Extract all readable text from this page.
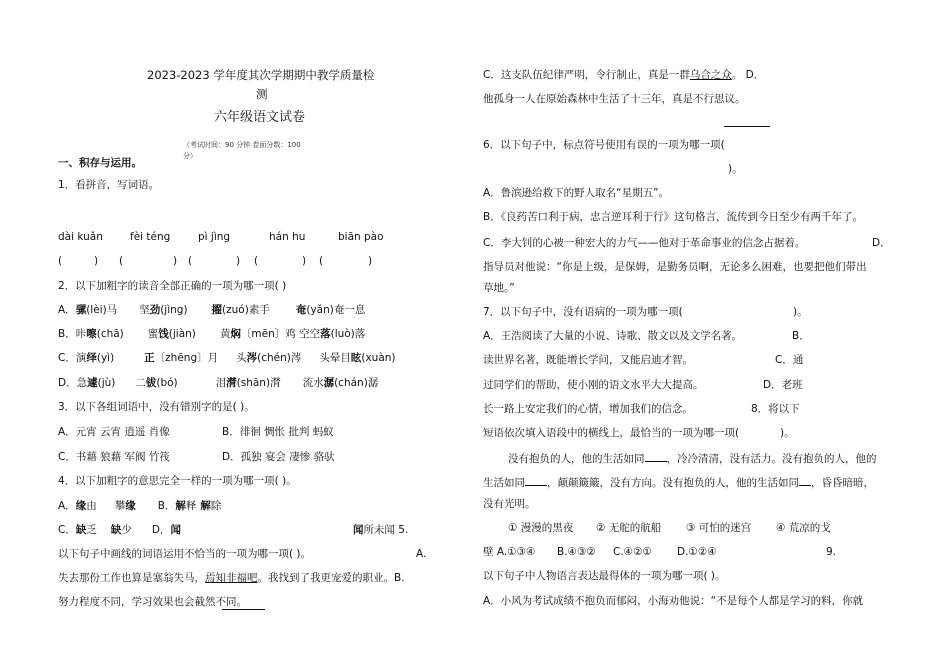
2023-2023 学年度其次学期期中教学质量检
测
六年级语文试卷
（考试时间：90 分钟 卷面分数：100
分）
一、积存与运用。
1．看拼音，写词语。
dài kuǎn	fèi téng	pì jìng	hán hu	biān pào
(	) (	) (	) (	) (	)
2．以下加粗字的读音全部正确的一项为哪一项( )
A．骡(lèi)马 坚劲(jìng) 擢(zuó)素手 奄(yǎn)奄一息
B．咔嚓(chā) 蜜饯(jiàn) 黄焖〔mēn〕鸡 空空落(luò)落
C．演绎(yì)	正〔zhēng〕月 头涔(chén)涔 头晕目眩(xuàn)
D．急遽(jù) 二钹(bó)	泪潸(shān)潸 流水潺(chán)潺
3．以下各组词语中，没有错别字的是( )。
A．元宵 云宵 逍遥 肖像	B．徘徊 惆怅 批判 蚂蚁
C．书藉 狼藉 军阀 竹筏	D．孤独 宴会 凄惨 骆驮
4．以下加粗字的意思完全一样的一项为哪一项( )。
A．缘由 攀缘 B．解释 解除
C．缺乏 缺少 D．闻	闻所未闻 5.
以下句子中画线的词语运用不恰当的一项为哪一项( )。	A.
失去那份工作也算是塞翁失马，焉知非福吧。我找到了我更宠爱的职业。B.
努力程度不同，学习效果也会截然不同。
C．这支队伍纪律严明，令行制止，真是一群乌合之众。 D．
他孤身一人在原始森林中生活了十三年，真是不行思议。
6．以下句子中，标点符号使用有误的一项为哪一项(
)。
A．鲁滨逊给救下的野人取名“星期五”。
B．《良药苦口利于病，忠言逆耳利于行》这句格言，流传到今日至少有两千年了。
C．李大钊的心被一种宏大的力气——他对于革命事业的信念占据着。	D．
指导员对他说：“你是上级，是保姆，是勤务员啊，无论多么困难，也要把他们带出
草地。”
7．以下句子中，没有语病的一项为哪一项(	)。
A．王浩阅读了大量的小说、诗歌、散文以及文学名著。	B．
读世界名著，既能增长学问，又能启迪才智。	C．通
过同学们的帮助，使小刚的语文水平大大提高。	D．老班
长一路上安定我们的心情，增加我们的信念。	8．将以下
短语依次填入语段中的横线上，最恰当的一项为哪一项(	)。
没有抱负的人，他的生活如同 ，冷冷清清，没有活力。没有抱负的人，他的
生活如同 ，颠颠簸簸，没有方向。没有抱负的人，他的生活如同 ，昏昏暗暗，
没有光明。
① 漫漫的黑夜 ② 无舵的航船 ③ 可怕的迷宫 ④ 荒凉的戈
壁 A.①③④ B.④③② C.④②① D.①②④	9.
以下句子中人物语言表达最得体的一项为哪一项( )。
A．小风为考试成绩不抱负而郁闷，小海劝他说：“不是每个人都是学习的料，你就
